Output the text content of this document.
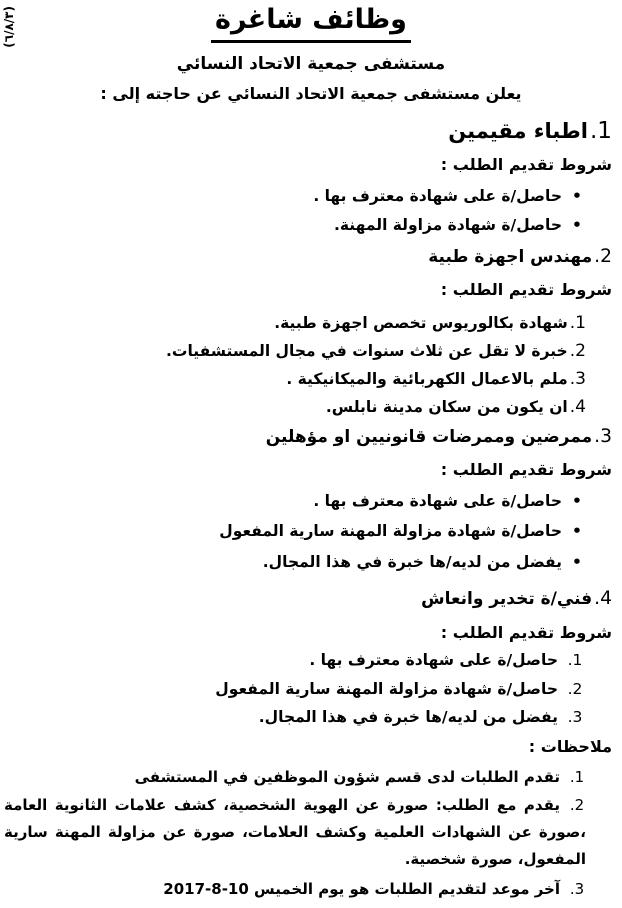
(٦/٨/٣)	وظائف شاغرة
مستشفى جمعية الاتحاد النسائي
يعلن مستشفى جمعية الاتحاد النسائي عن حاجته إلى :
1.اطباء مقيمين
شروط تقديم الطلب :
•حاصل/ة على شهادة معترف بها .
•حاصل/ة شهادة مزاولة المهنة.
2.مهندس اجهزة طبية
شروط تقديم الطلب :
1.شهادة بكالوريوس تخصص اجهزة طبية.
2.خبرة لا تقل عن ثلاث سنوات في مجال المستشفيات.
3.ملم بالاعمال الكهربائية والميكانيكية .
4.ان يكون من سكان مدينة نابلس.
3.ممرضين وممرضات قانونيين او مؤهلين
شروط تقديم الطلب :
•حاصل/ة على شهادة معترف بها .
•حاصل/ة شهادة مزاولة المهنة سارية المفعول
•يفضل من لديه/ها خبرة في هذا المجال.
4.فني/ة تخدير وانعاش
شروط تقديم الطلب :
1.حاصل/ة على شهادة معترف بها .
2.حاصل/ة شهادة مزاولة المهنة سارية المفعول
3.يفضل من لديه/ها خبرة في هذا المجال.
ملاحظات :
1.تقدم الطلبات لدى قسم شؤون الموظفين في المستشفى
2.
يقدم مع الطلب: صورة عن الهوية الشخصية، كشف علامات الثانوية العامة ،صورة عن الشهادات العلمية وكشف العلامات، صورة عن مزاولة المهنة سارية المفعول، صورة شخصية.
3.آخر موعد لتقديم الطلبات هو يوم الخميس 10-8-2017
